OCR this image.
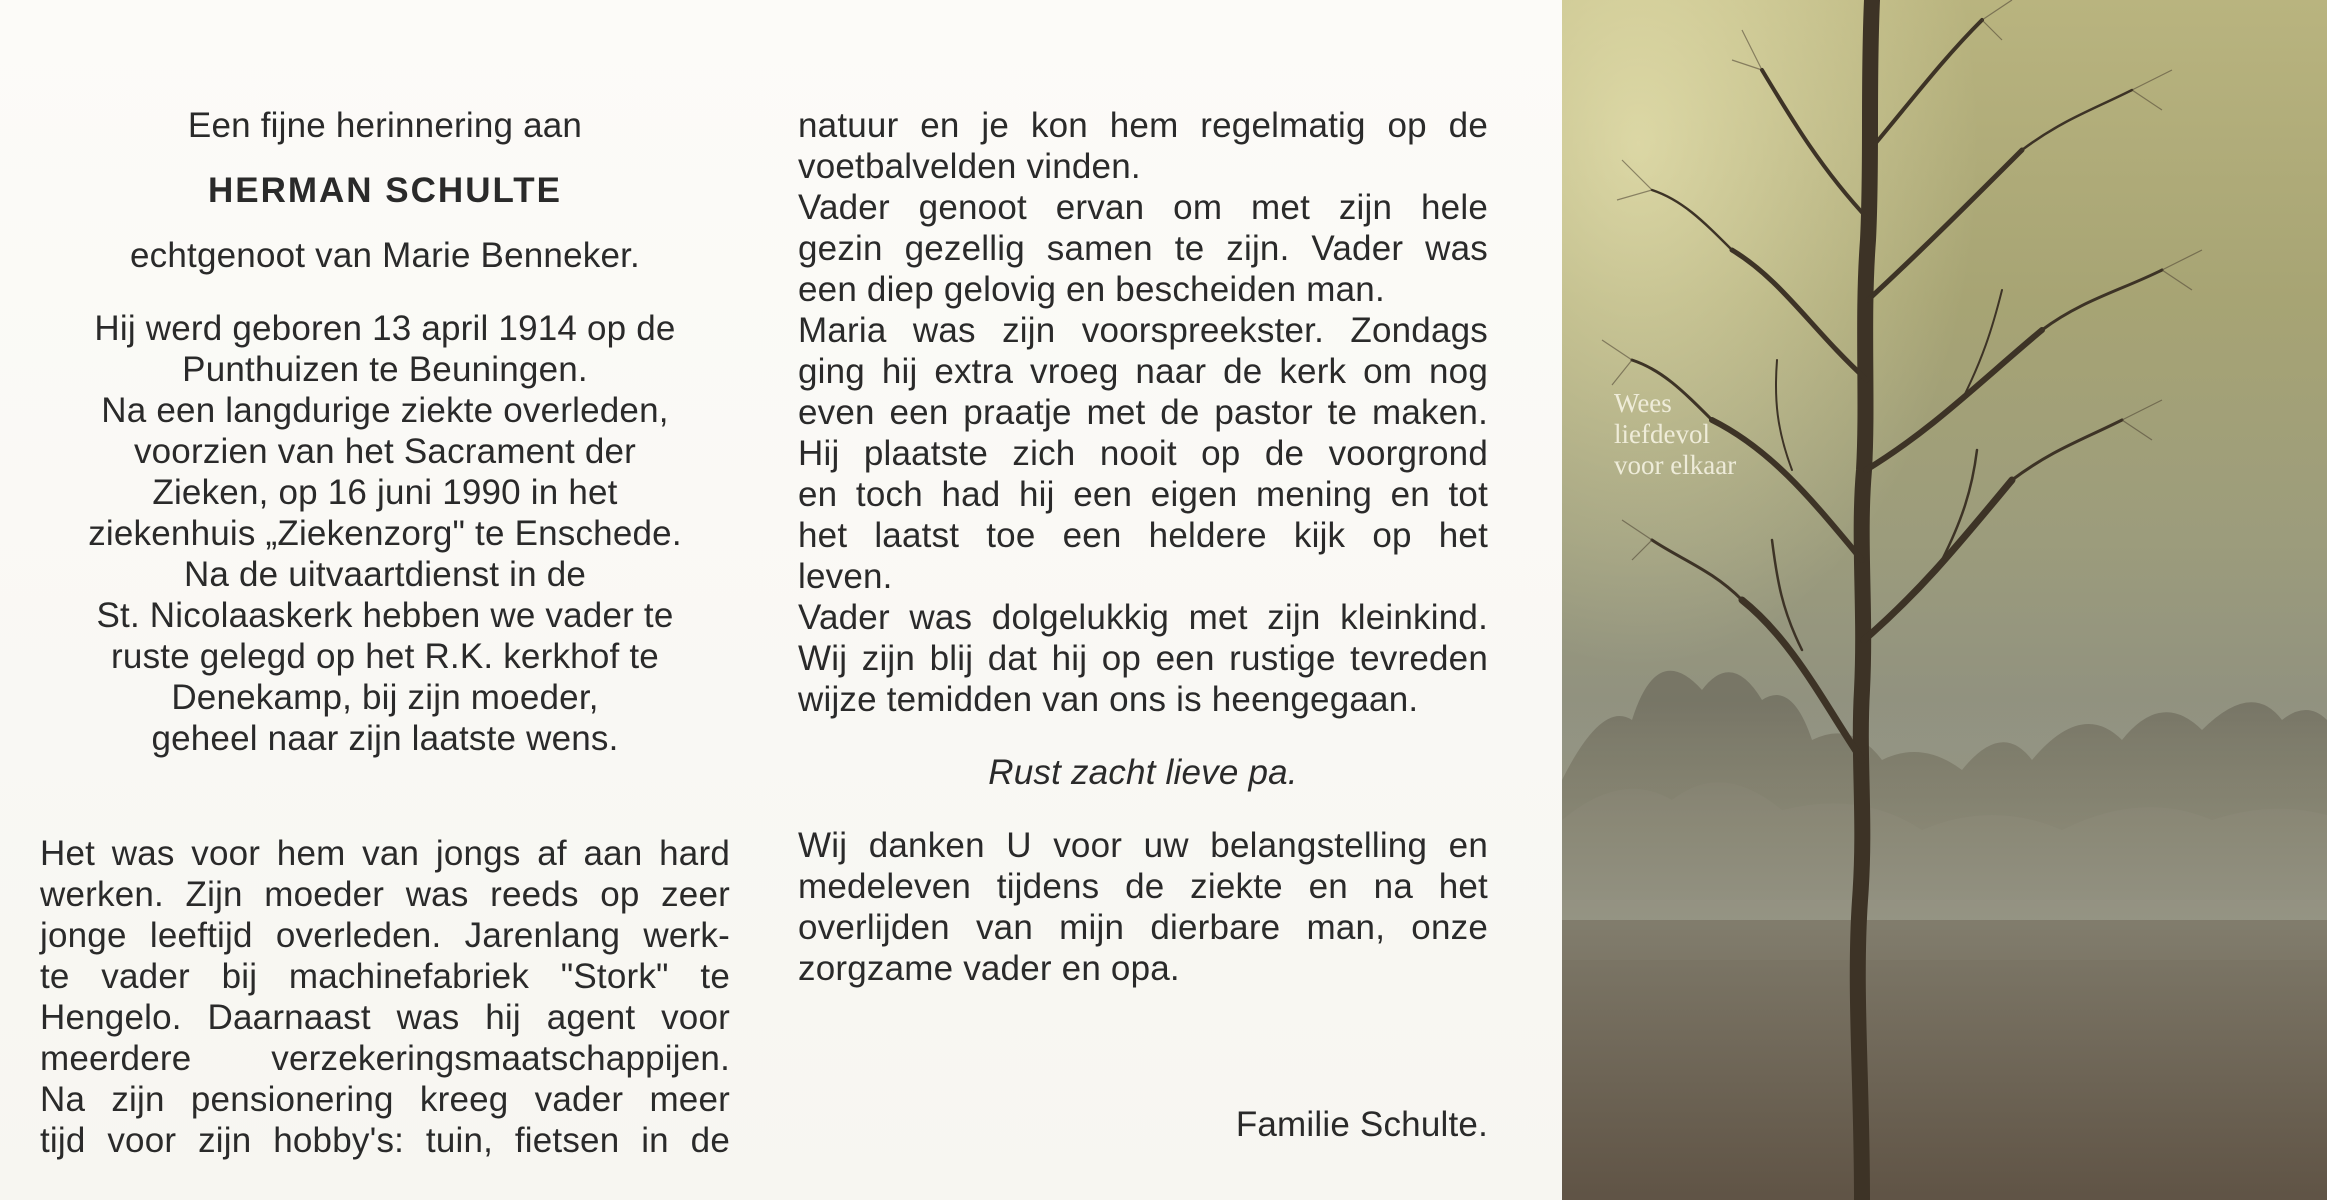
Een fijne herinnering aan
HERMAN SCHULTE
echtgenoot van Marie Benneker.
Hij werd geboren 13 april 1914 op de
Punthuizen te Beuningen.
Na een langdurige ziekte overleden,
voorzien van het Sacrament der
Zieken, op 16 juni 1990 in het
ziekenhuis „Ziekenzorg" te Enschede.
Na de uitvaartdienst in de
St. Nicolaaskerk hebben we vader te
ruste gelegd op het R.K. kerkhof te
Denekamp, bij zijn moeder,
geheel naar zijn laatste wens.
Het was voor hem van jongs af aan hard
werken. Zijn moeder was reeds op zeer
jonge leeftijd overleden. Jarenlang werk-
te vader bij machinefabriek "Stork" te
Hengelo. Daarnaast was hij agent voor
meerdere verzekeringsmaatschappijen.
Na zijn pensionering kreeg vader meer
tijd voor zijn hobby's: tuin, fietsen in de
natuur en je kon hem regelmatig op de
voetbalvelden vinden.
Vader genoot ervan om met zijn hele
gezin gezellig samen te zijn. Vader was
een diep gelovig en bescheiden man.
Maria was zijn voorspreekster. Zondags
ging hij extra vroeg naar de kerk om nog
even een praatje met de pastor te maken.
Hij plaatste zich nooit op de voorgrond
en toch had hij een eigen mening en tot
het laatst toe een heldere kijk op het
leven.
Vader was dolgelukkig met zijn kleinkind.
Wij zijn blij dat hij op een rustige tevreden
wijze temidden van ons is heengegaan.
Rust zacht lieve pa.
Wij danken U voor uw belangstelling en
medeleven tijdens de ziekte en na het
overlijden van mijn dierbare man, onze
zorgzame vader en opa.
Familie Schulte.
Wees
liefdevol
voor elkaar
